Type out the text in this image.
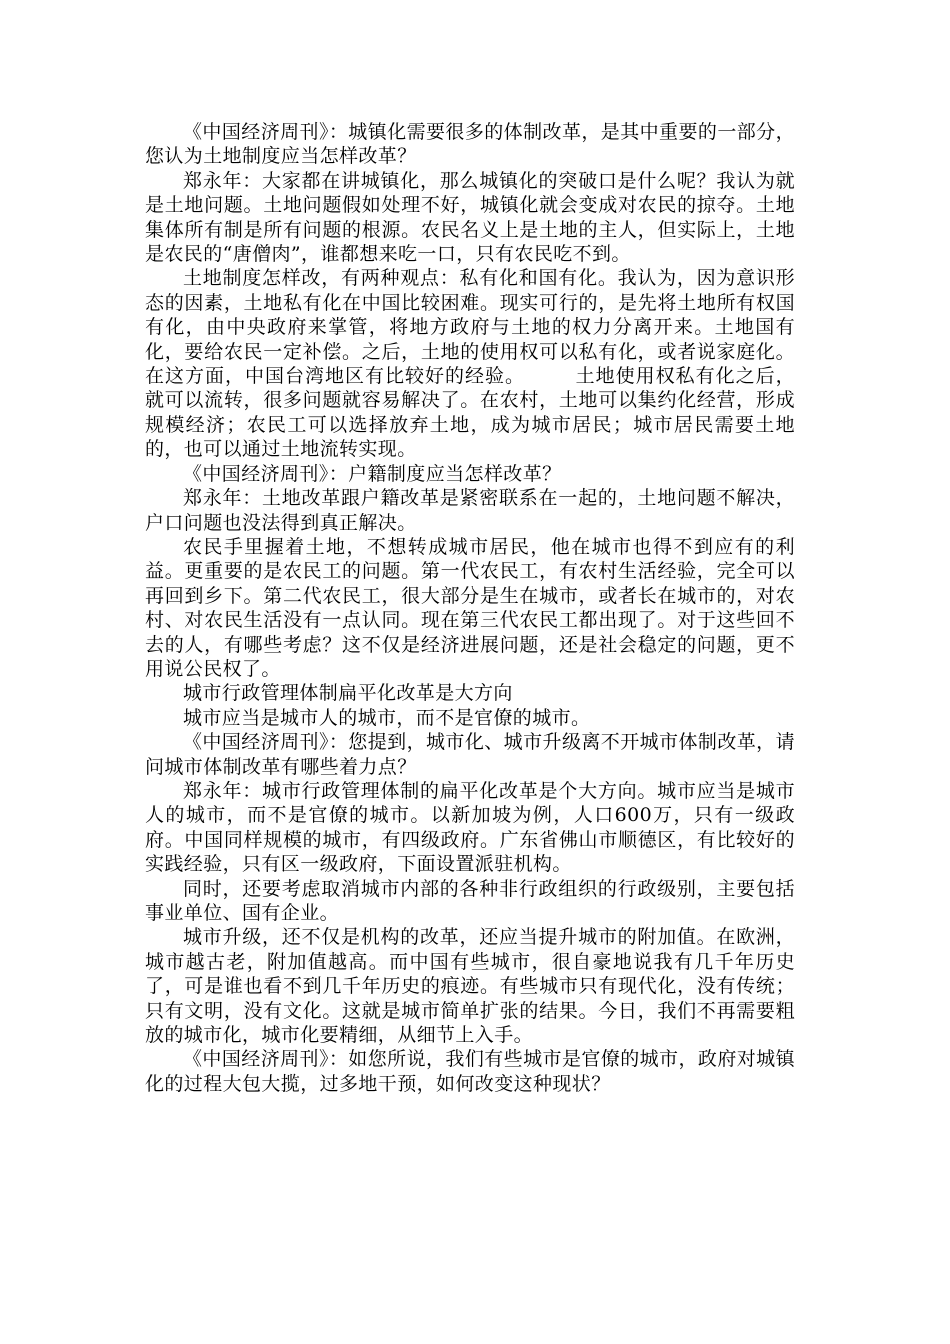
《中国经济周刊》：城镇化需要很多的体制改革，是其中重要的一部分，您认为土地制度应当怎样改革？

郑永年：大家都在讲城镇化，那么城镇化的突破口是什么呢？我认为就是土地问题。土地问题假如处理不好，城镇化就会变成对农民的掠夺。土地集体所有制是所有问题的根源。农民名义上是土地的主人，但实际上，土地是农民的“唐僧肉”，谁都想来吃一口，只有农民吃不到。

土地制度怎样改，有两种观点：私有化和国有化。我认为，因为意识形态的因素，土地私有化在中国比较困难。现实可行的，是先将土地所有权国有化，由中央政府来掌管，将地方政府与土地的权力分离开来。土地国有化，要给农民一定补偿。之后，土地的使用权可以私有化，或者说家庭化。在这方面，中国台湾地区有比较好的经验。　　　土地使用权私有化之后，就可以流转，很多问题就容易解决了。在农村，土地可以集约化经营，形成规模经济；农民工可以选择放弃土地，成为城市居民；城市居民需要土地的，也可以通过土地流转实现。

《中国经济周刊》：户籍制度应当怎样改革？

郑永年：土地改革跟户籍改革是紧密联系在一起的，土地问题不解决，户口问题也没法得到真正解决。

农民手里握着土地，不想转成城市居民，他在城市也得不到应有的利益。更重要的是农民工的问题。第一代农民工，有农村生活经验，完全可以再回到乡下。第二代农民工，很大部分是生在城市，或者长在城市的，对农村、对农民生活没有一点认同。现在第三代农民工都出现了。对于这些回不去的人，有哪些考虑？这不仅是经济进展问题，还是社会稳定的问题，更不用说公民权了。

城市行政管理体制扁平化改革是大方向

城市应当是城市人的城市，而不是官僚的城市。

《中国经济周刊》：您提到，城市化、城市升级离不开城市体制改革，请问城市体制改革有哪些着力点？

郑永年：城市行政管理体制的扁平化改革是个大方向。城市应当是城市人的城市，而不是官僚的城市。以新加坡为例，人口600万，只有一级政府。中国同样规模的城市，有四级政府。广东省佛山市顺德区，有比较好的实践经验，只有区一级政府，下面设置派驻机构。

同时，还要考虑取消城市内部的各种非行政组织的行政级别，主要包括事业单位、国有企业。

城市升级，还不仅是机构的改革，还应当提升城市的附加值。在欧洲，城市越古老，附加值越高。而中国有些城市，很自豪地说我有几千年历史了，可是谁也看不到几千年历史的痕迹。有些城市只有现代化，没有传统；只有文明，没有文化。这就是城市简单扩张的结果。今日，我们不再需要粗放的城市化，城市化要精细，从细节上入手。

《中国经济周刊》：如您所说，我们有些城市是官僚的城市，政府对城镇化的过程大包大揽，过多地干预，如何改变这种现状？
